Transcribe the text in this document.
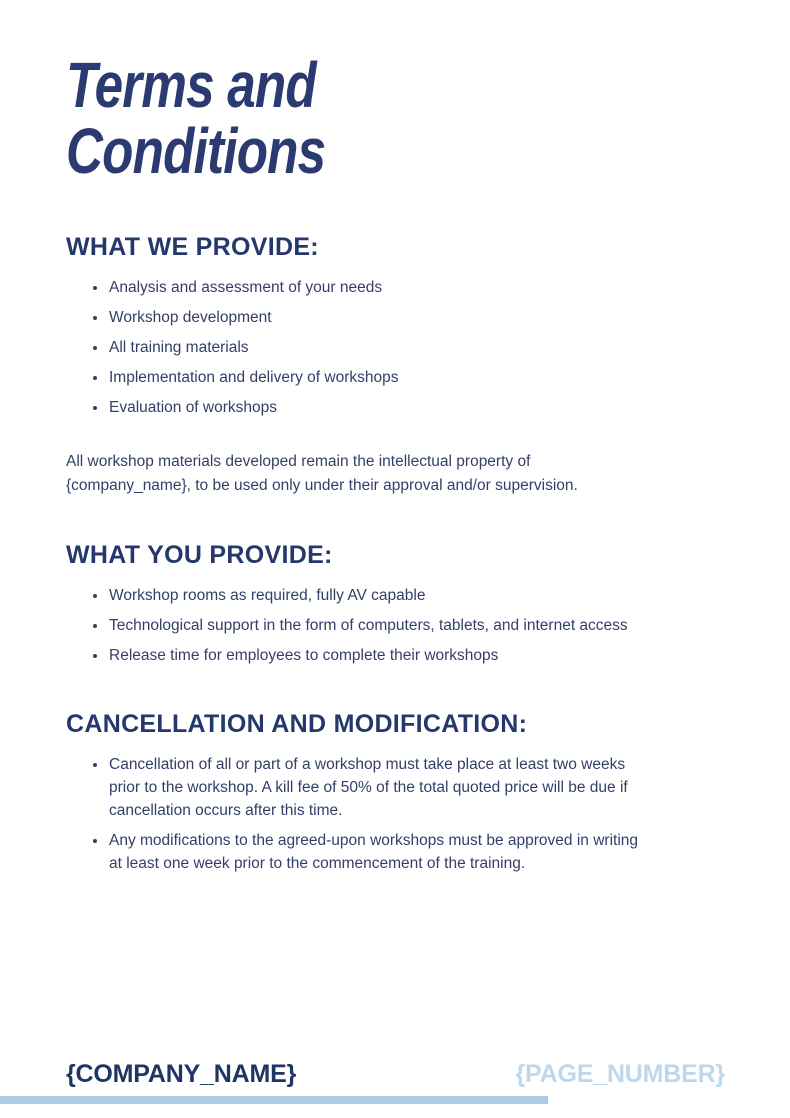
Terms and
Conditions
WHAT WE PROVIDE:
• Analysis and assessment of your needs
• Workshop development
• All training materials
• Implementation and delivery of workshops
• Evaluation of workshops

All workshop materials developed remain the intellectual property of {company_name}, to be used only under their approval and/or supervision.

WHAT YOU PROVIDE:
• Workshop rooms as required, fully AV capable
• Technological support in the form of computers, tablets, and internet access
• Release time for employees to complete their workshops
CANCELLATION AND MODIFICATION:
• Cancellation of all or part of a workshop must take place at least two weeks prior to the workshop. A kill fee of 50% of the total quoted price will be due if cancellation occurs after this time.
• Any modifications to the agreed-upon workshops must be approved in writing at least one week prior to the commencement of the training.
{COMPANY_NAME}	{PAGE_NUMBER}
